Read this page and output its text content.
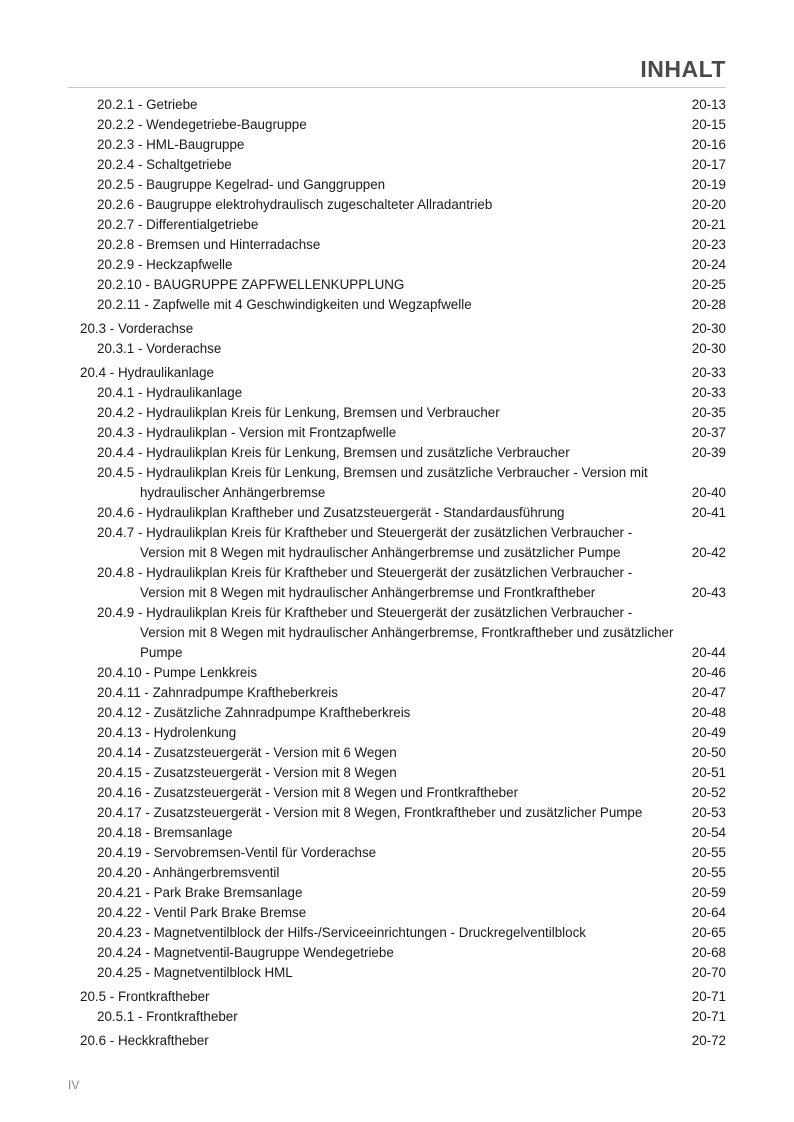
INHALT
20.2.1 - Getriebe	20-13
20.2.2 - Wendegetriebe-Baugruppe	20-15
20.2.3 - HML-Baugruppe	20-16
20.2.4 - Schaltgetriebe	20-17
20.2.5 - Baugruppe Kegelrad- und Ganggruppen	20-19
20.2.6 - Baugruppe elektrohydraulisch zugeschalteter Allradantrieb	20-20
20.2.7 - Differentialgetriebe	20-21
20.2.8 - Bremsen und Hinterradachse	20-23
20.2.9 - Heckzapfwelle	20-24
20.2.10 - BAUGRUPPE ZAPFWELLENKUPPLUNG	20-25
20.2.11 - Zapfwelle mit 4 Geschwindigkeiten und Wegzapfwelle	20-28
20.3 - Vorderachse	20-30
20.3.1 - Vorderachse	20-30
20.4 - Hydraulikanlage	20-33
20.4.1 - Hydraulikanlage	20-33
20.4.2 - Hydraulikplan Kreis für Lenkung, Bremsen und Verbraucher	20-35
20.4.3 - Hydraulikplan - Version mit Frontzapfwelle	20-37
20.4.4 - Hydraulikplan Kreis für Lenkung, Bremsen und zusätzliche Verbraucher	20-39
20.4.5 - Hydraulikplan Kreis für Lenkung, Bremsen und zusätzliche Verbraucher - Version mit
hydraulischer Anhängerbremse	20-40
20.4.6 - Hydraulikplan Kraftheber und Zusatzsteuergerät - Standardausführung	20-41
20.4.7 - Hydraulikplan Kreis für Kraftheber und Steuergerät der zusätzlichen Verbraucher -
Version mit 8 Wegen mit hydraulischer Anhängerbremse und zusätzlicher Pumpe	20-42
20.4.8 - Hydraulikplan Kreis für Kraftheber und Steuergerät der zusätzlichen Verbraucher -
Version mit 8 Wegen mit hydraulischer Anhängerbremse und Frontkraftheber	20-43
20.4.9 - Hydraulikplan Kreis für Kraftheber und Steuergerät der zusätzlichen Verbraucher -
Version mit 8 Wegen mit hydraulischer Anhängerbremse, Frontkraftheber und zusätzlicher
Pumpe	20-44
20.4.10 - Pumpe Lenkkreis	20-46
20.4.11 - Zahnradpumpe Kraftheberkreis	20-47
20.4.12 - Zusätzliche Zahnradpumpe Kraftheberkreis	20-48
20.4.13 - Hydrolenkung	20-49
20.4.14 - Zusatzsteuergerät - Version mit 6 Wegen	20-50
20.4.15 - Zusatzsteuergerät - Version mit 8 Wegen	20-51
20.4.16 - Zusatzsteuergerät - Version mit 8 Wegen und Frontkraftheber	20-52
20.4.17 - Zusatzsteuergerät - Version mit 8 Wegen, Frontkraftheber und zusätzlicher Pumpe	20-53
20.4.18 - Bremsanlage	20-54
20.4.19 - Servobremsen-Ventil für Vorderachse	20-55
20.4.20 - Anhängerbremsventil	20-55
20.4.21 - Park Brake Bremsanlage	20-59
20.4.22 - Ventil Park Brake Bremse	20-64
20.4.23 - Magnetventilblock der Hilfs-/Serviceeinrichtungen - Druckregelventilblock	20-65
20.4.24 - Magnetventil-Baugruppe Wendegetriebe	20-68
20.4.25 - Magnetventilblock HML	20-70
20.5 - Frontkraftheber	20-71
20.5.1 - Frontkraftheber	20-71
20.6 - Heckkraftheber	20-72
IV
